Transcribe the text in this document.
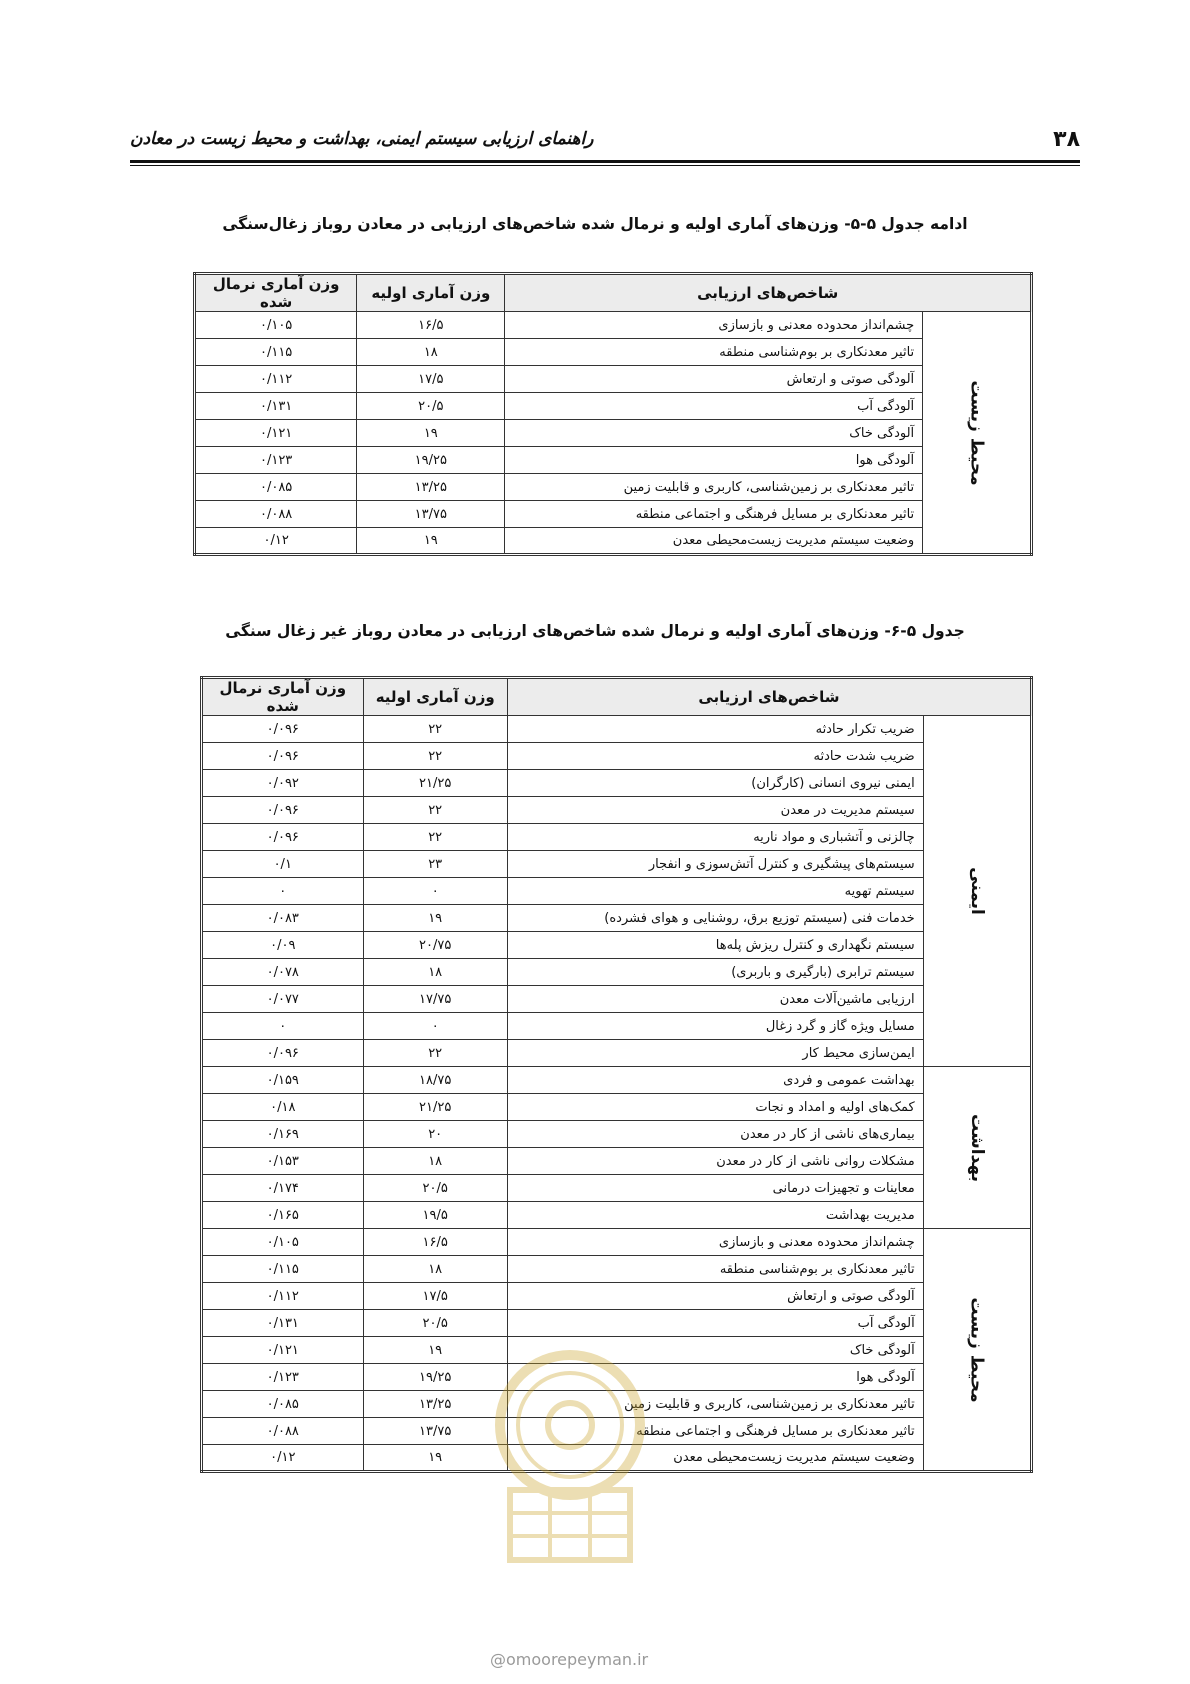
۳۸
راهنمای ارزیابی سیستم ایمنی، بهداشت و محیط زیست در معادن
ادامه جدول ۵-۵- وزن‌های آماری اولیه و نرمال شده شاخص‌های ارزیابی در معادن روباز زغال‌سنگی
شاخص‌های ارزیابی		وزن آماری اولیه	وزن آماری نرمال شده
محیط زیست	چشم‌انداز محدوده معدنی و بازسازی	۱۶/۵	۰/۱۰۵
	تاثیر معدنکاری بر بوم‌شناسی منطقه	۱۸	۰/۱۱۵
	آلودگی صوتی و ارتعاش	۱۷/۵	۰/۱۱۲
	آلودگی آب	۲۰/۵	۰/۱۳۱
	آلودگی خاک	۱۹	۰/۱۲۱
	آلودگی هوا	۱۹/۲۵	۰/۱۲۳
	تاثیر معدنکاری بر زمین‌شناسی، کاربری و قابلیت زمین	۱۳/۲۵	۰/۰۸۵
	تاثیر معدنکاری بر مسایل فرهنگی و اجتماعی منطقه	۱۳/۷۵	۰/۰۸۸
	وضعیت سیستم مدیریت زیست‌محیطی معدن	۱۹	۰/۱۲
جدول ۵-۶- وزن‌های آماری اولیه و نرمال شده شاخص‌های ارزیابی در معادن روباز غیر زغال سنگی
شاخص‌های ارزیابی		وزن آماری اولیه	وزن آماری نرمال شده
ایمنی	ضریب تکرار حادثه	۲۲	۰/۰۹۶
	ضریب شدت حادثه	۲۲	۰/۰۹۶
	ایمنی نیروی انسانی (کارگران)	۲۱/۲۵	۰/۰۹۲
	سیستم مدیریت در معدن	۲۲	۰/۰۹۶
	چالزنی و آتشباری و مواد ناریه	۲۲	۰/۰۹۶
	سیستم‌های پیشگیری و کنترل آتش‌سوزی و انفجار	۲۳	۰/۱
	سیستم تهویه	۰	۰
	خدمات فنی (سیستم توزیع برق، روشنایی و هوای فشرده)	۱۹	۰/۰۸۳
	سیستم نگهداری و کنترل ریزش پله‌ها	۲۰/۷۵	۰/۰۹
	سیستم ترابری (بارگیری و باربری)	۱۸	۰/۰۷۸
	ارزیابی ماشین‌آلات معدن	۱۷/۷۵	۰/۰۷۷
	مسایل ویژه گاز و گرد زغال	۰	۰
	ایمن‌سازی محیط کار	۲۲	۰/۰۹۶
بهداشت	بهداشت عمومی و فردی	۱۸/۷۵	۰/۱۵۹
	کمک‌های اولیه و امداد و نجات	۲۱/۲۵	۰/۱۸
	بیماری‌های ناشی از کار در معدن	۲۰	۰/۱۶۹
	مشکلات روانی ناشی از کار در معدن	۱۸	۰/۱۵۳
	معاینات و تجهیزات درمانی	۲۰/۵	۰/۱۷۴
	مدیریت بهداشت	۱۹/۵	۰/۱۶۵
محیط زیست	چشم‌انداز محدوده معدنی و بازسازی	۱۶/۵	۰/۱۰۵
	تاثیر معدنکاری بر بوم‌شناسی منطقه	۱۸	۰/۱۱۵
	آلودگی صوتی و ارتعاش	۱۷/۵	۰/۱۱۲
	آلودگی آب	۲۰/۵	۰/۱۳۱
	آلودگی خاک	۱۹	۰/۱۲۱
	آلودگی هوا	۱۹/۲۵	۰/۱۲۳
	تاثیر معدنکاری بر زمین‌شناسی، کاربری و قابلیت زمین	۱۳/۲۵	۰/۰۸۵
	تاثیر معدنکاری بر مسایل فرهنگی و اجتماعی منطقه	۱۳/۷۵	۰/۰۸۸
	وضعیت سیستم مدیریت زیست‌محیطی معدن	۱۹	۰/۱۲
@omoorepeyman.ir
